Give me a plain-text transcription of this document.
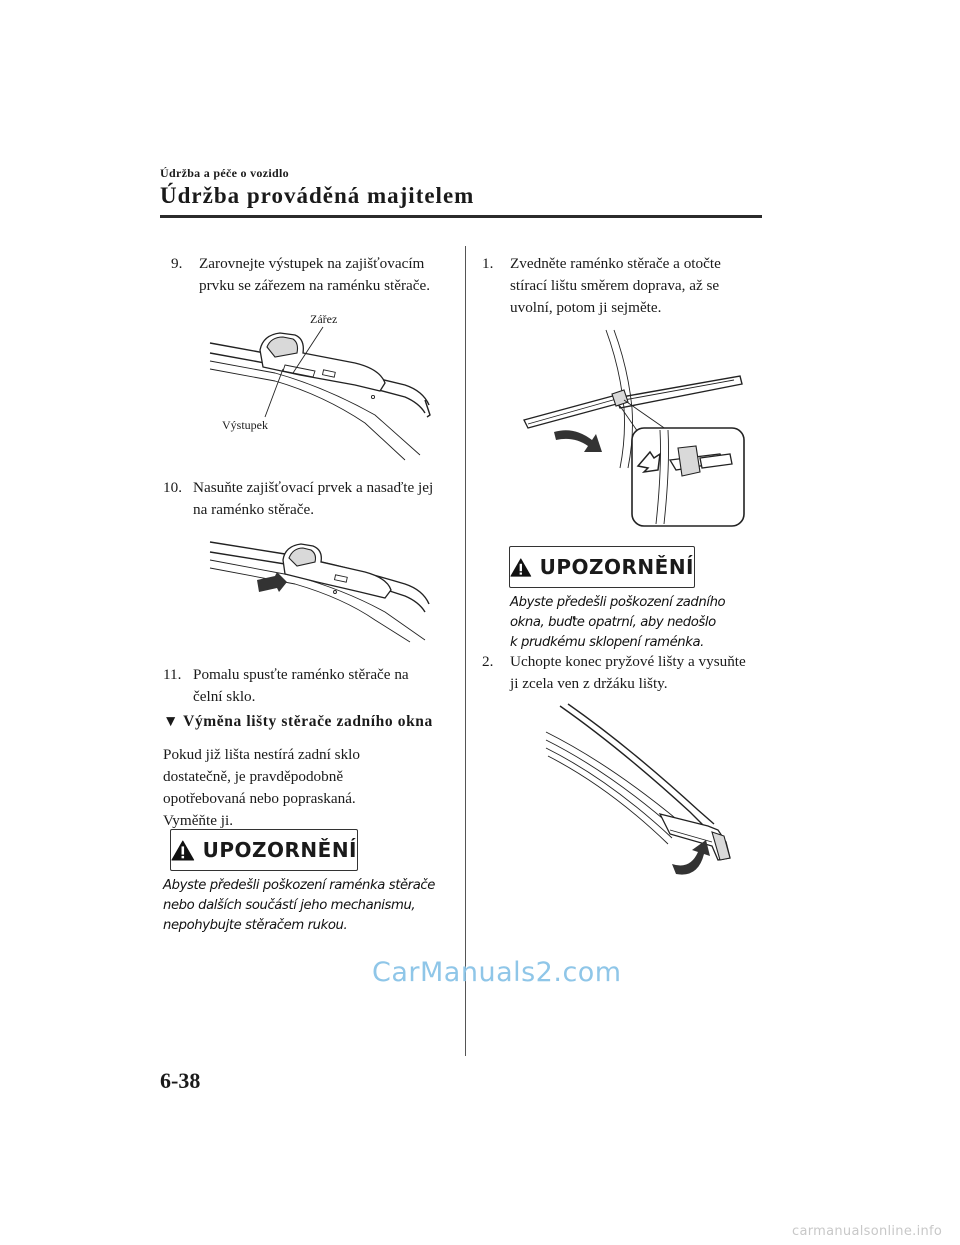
Údržba a péče o vozidlo
Údržba prováděná majitelem
9.	Zarovnejte výstupek na zajišťovacím
prvku se zářezem na raménku stěrače.
Zářez
Výstupek
10. Nasuňte zajišťovací prvek a nasaďte jej
na raménko stěrače.
11. Pomalu spusťte raménko stěrače na
čelní sklo.
▼ Výměna lišty stěrače zadního okna
Pokud již lišta nestírá zadní sklo
dostatečně, je pravděpodobně
opotřebovaná nebo popraskaná.
Vyměňte ji.
UPOZORNĚNÍ
Abyste předešli poškození raménka stěrače
nebo dalších součástí jeho mechanismu,
nepohybujte stěračem rukou.
1.	Zvedněte raménko stěrače a otočte
stírací lištu směrem doprava, až se
uvolní, potom ji sejměte.
UPOZORNĚNÍ
Abyste předešli poškození zadního
okna, buďte opatrní, aby nedošlo
k prudkému sklopení raménka.
2.	Uchopte konec pryžové lišty a vysuňte
ji zcela ven z držáku lišty.
CarManuals2.com
6-38
carmanualsonline.info
